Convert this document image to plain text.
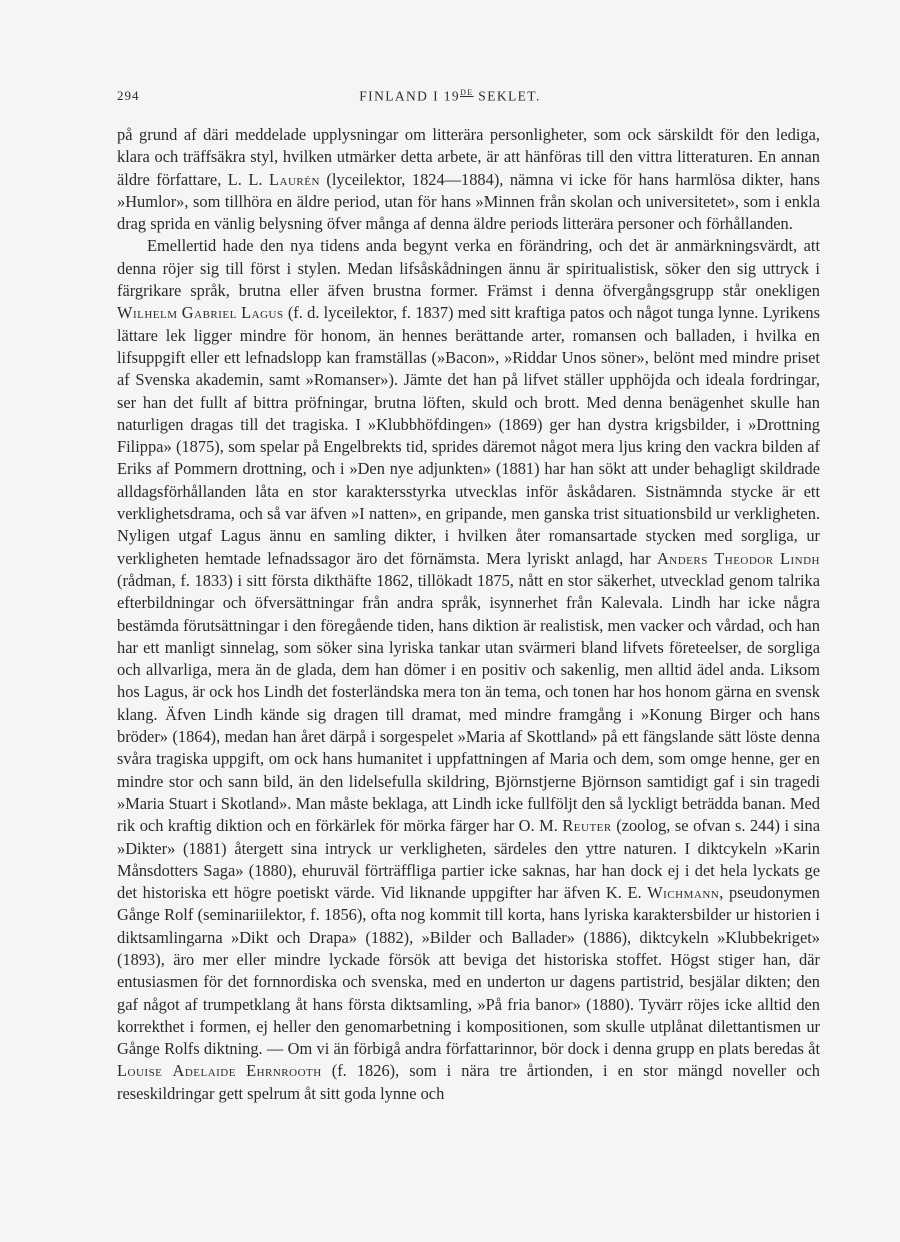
294	FINLAND I 19DE SEKLET.

på grund af däri meddelade upplysningar om litterära personligheter, som ock särskildt för den lediga, klara och träffsäkra styl, hvilken utmärker detta arbete, är att hänföras till den vittra litteraturen. En annan äldre författare, L. L. Laurén (lyceilektor, 1824—1884), nämna vi icke för hans harmlösa dikter, hans »Humlor», som tillhöra en äldre period, utan för hans »Minnen från skolan och universitetet», som i enkla drag sprida en vänlig belysning öfver många af denna äldre periods litterära personer och förhållanden.

Emellertid hade den nya tidens anda begynt verka en förändring, och det är anmärkningsvärdt, att denna röjer sig till först i stylen. Medan lifsåskådningen ännu är spiritualistisk, söker den sig uttryck i färgrikare språk, brutna eller äfven brustna former. Främst i denna öfvergångsgrupp står onekligen Wilhelm Gabriel Lagus (f. d. lyceilektor, f. 1837) med sitt kraftiga patos och något tunga lynne. Lyrikens lättare lek ligger mindre för honom, än hennes berättande arter, romansen och balladen, i hvilka en lifsuppgift eller ett lefnadslopp kan framställas (»Bacon», »Riddar Unos söner», belönt med mindre priset af Svenska akademin, samt »Romanser»). Jämte det han på lifvet ställer upphöjda och ideala fordringar, ser han det fullt af bittra pröfningar, brutna löften, skuld och brott. Med denna benägenhet skulle han naturligen dragas till det tragiska. I »Klubbhöfdingen» (1869) ger han dystra krigsbilder, i »Drottning Filippa» (1875), som spelar på Engelbrekts tid, sprides däremot något mera ljus kring den vackra bilden af Eriks af Pommern drottning, och i »Den nye adjunkten» (1881) har han sökt att under behagligt skildrade alldagsförhållanden låta en stor karaktersstyrka utvecklas inför åskådaren. Sistnämnda stycke är ett verklighetsdrama, och så var äfven »I natten», en gripande, men ganska trist situationsbild ur verkligheten. Nyligen utgaf Lagus ännu en samling dikter, i hvilken åter romansartade stycken med sorgliga, ur verkligheten hemtade lefnadssagor äro det förnämsta. Mera lyriskt anlagd, har Anders Theodor Lindh (rådman, f. 1833) i sitt första dikthäfte 1862, tillökadt 1875, nått en stor säkerhet, utvecklad genom talrika efterbildningar och öfversättningar från andra språk, isynnerhet från Kalevala. Lindh har icke några bestämda förutsättningar i den föregående tiden, hans diktion är realistisk, men vacker och vårdad, och han har ett manligt sinnelag, som söker sina lyriska tankar utan svärmeri bland lifvets företeelser, de sorgliga och allvarliga, mera än de glada, dem han dömer i en positiv och sakenlig, men alltid ädel anda. Liksom hos Lagus, är ock hos Lindh det fosterländska mera ton än tema, och tonen har hos honom gärna en svensk klang. Äfven Lindh kände sig dragen till dramat, med mindre framgång i »Konung Birger och hans bröder» (1864), medan han året därpå i sorgespelet »Maria af Skottland» på ett fängslande sätt löste denna svåra tragiska uppgift, om ock hans humanitet i uppfattningen af Maria och dem, som omge henne, ger en mindre stor och sann bild, än den lidelsefulla skildring, Björnstjerne Björnson samtidigt gaf i sin tragedi »Maria Stuart i Skotland». Man måste beklaga, att Lindh icke fullföljt den så lyckligt beträdda banan. Med rik och kraftig diktion och en förkärlek för mörka färger har O. M. Reuter (zoolog, se ofvan s. 244) i sina »Dikter» (1881) återgett sina intryck ur verkligheten, särdeles den yttre naturen. I diktcykeln »Karin Månsdotters Saga» (1880), ehuruväl förträffliga partier icke saknas, har han dock ej i det hela lyckats ge det historiska ett högre poetiskt värde. Vid liknande uppgifter har äfven K. E. Wichmann, pseudonymen Gånge Rolf (seminariilektor, f. 1856), ofta nog kommit till korta, hans lyriska karaktersbilder ur historien i diktsamlingarna »Dikt och Drapa» (1882), »Bilder och Ballader» (1886), diktcykeln »Klubbekriget» (1893), äro mer eller mindre lyckade försök att beviga det historiska stoffet. Högst stiger han, där entusiasmen för det fornnordiska och svenska, med en underton ur dagens partistrid, besjälar dikten; den gaf något af trumpetklang åt hans första diktsamling, »På fria banor» (1880). Tyvärr röjes icke alltid den korrekthet i formen, ej heller den genomarbetning i kompositionen, som skulle utplånat dilettantismen ur Gånge Rolfs diktning. — Om vi än förbigå andra författarinnor, bör dock i denna grupp en plats beredas åt Louise Adelaide Ehrnrooth (f. 1826), som i nära tre årtionden, i en stor mängd noveller och reseskildringar gett spelrum åt sitt goda lynne och
